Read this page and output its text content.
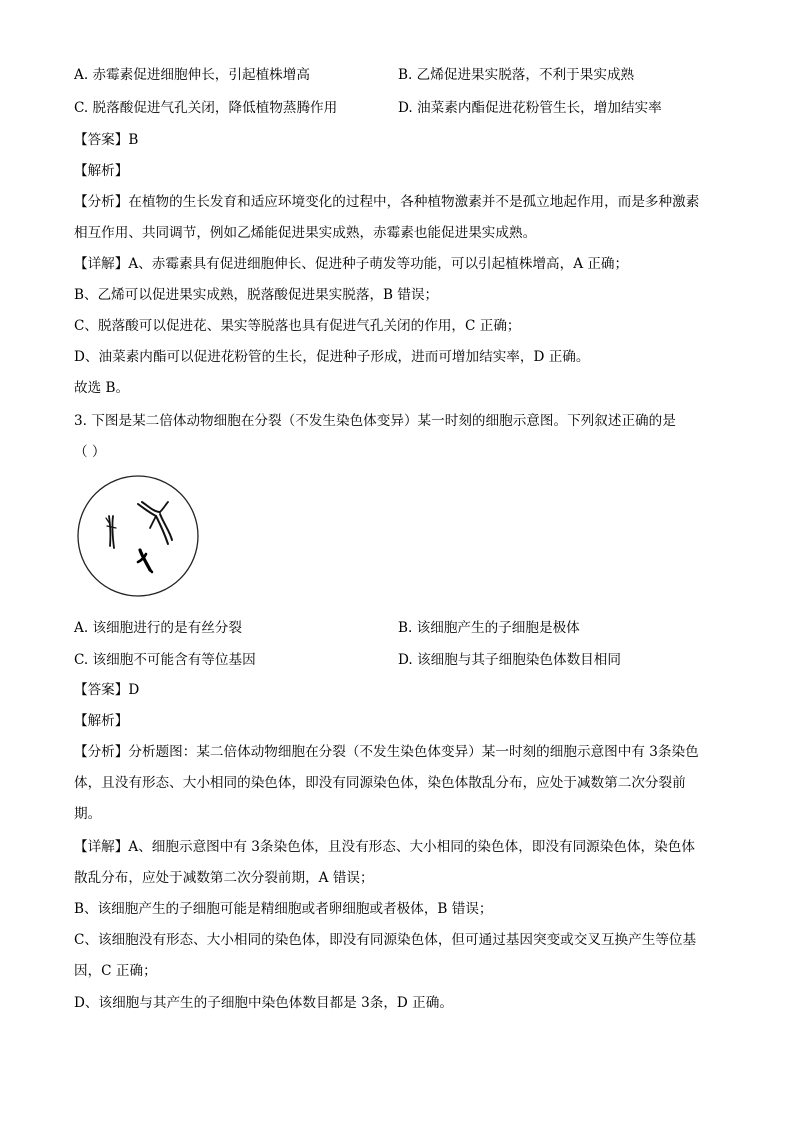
A. 赤霉素促进细胞伸长，引起植株增高	B. 乙烯促进果实脱落，不利于果实成熟
C. 脱落酸促进气孔关闭，降低植物蒸腾作用	D. 油菜素内酯促进花粉管生长，增加结实率
【答案】B
【解析】
【分析】在植物的生长发育和适应环境变化的过程中，各种植物激素并不是孤立地起作用，而是多种激素
相互作用、共同调节，例如乙烯能促进果实成熟，赤霉素也能促进果实成熟。
【详解】A、赤霉素具有促进细胞伸长、促进种子萌发等功能，可以引起植株增高，A 正确；
B、乙烯可以促进果实成熟，脱落酸促进果实脱落，B 错误；
C、脱落酸可以促进花、果实等脱落也具有促进气孔关闭的作用，C 正确；
D、油菜素内酯可以促进花粉管的生长，促进种子形成，进而可增加结实率，D 正确。
故选 B。
3. 下图是某二倍体动物细胞在分裂（不发生染色体变异）某一时刻的细胞示意图。下列叙述正确的是
（ ）
A. 该细胞进行的是有丝分裂	B. 该细胞产生的子细胞是极体
C. 该细胞不可能含有等位基因	D. 该细胞与其子细胞染色体数目相同
【答案】D
【解析】
【分析】分析题图：某二倍体动物细胞在分裂（不发生染色体变异）某一时刻的细胞示意图中有 3条染色
体，且没有形态、大小相同的染色体，即没有同源染色体，染色体散乱分布，应处于减数第二次分裂前
期。
【详解】A、细胞示意图中有 3条染色体，且没有形态、大小相同的染色体，即没有同源染色体，染色体
散乱分布，应处于减数第二次分裂前期，A 错误；
B、该细胞产生的子细胞可能是精细胞或者卵细胞或者极体，B 错误；
C、该细胞没有形态、大小相同的染色体，即没有同源染色体，但可通过基因突变或交叉互换产生等位基
因，C 正确；
D、该细胞与其产生的子细胞中染色体数目都是 3条，D 正确。
